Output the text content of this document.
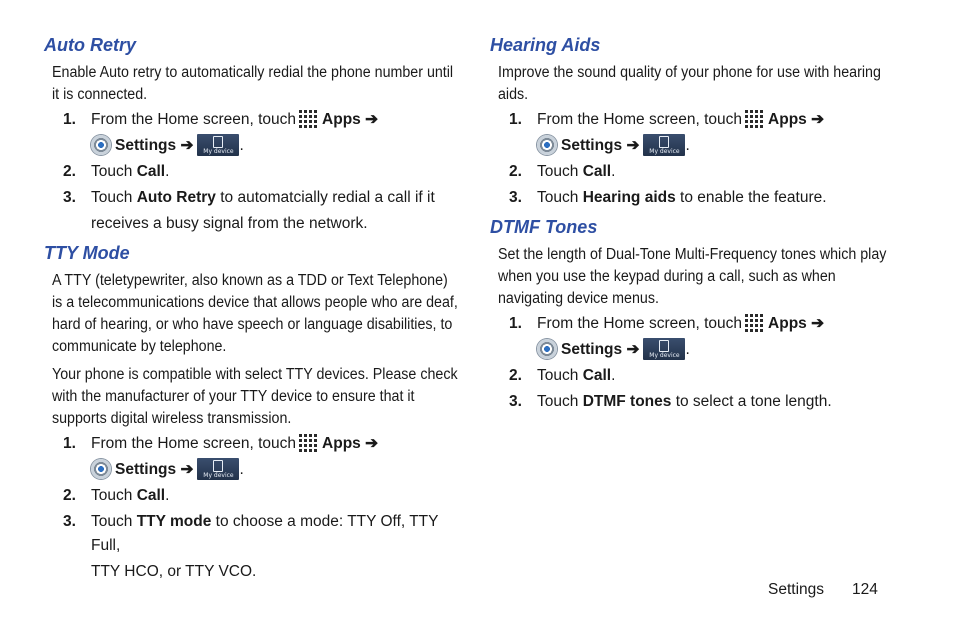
Auto Retry

Enable Auto retry to automatically redial the phone number until it is connected.

1. From the Home screen, touch Apps ➔
Settings ➔	My device .
2. Touch Call.
3. Touch Auto Retry to automatcially redial a call if it
receives a busy signal from the network.
TTY Mode

A TTY (teletypewriter, also known as a TDD or Text Telephone) is a telecommunications device that allows people who are deaf, hard of hearing, or who have speech or language disabilities, to communicate by telephone.

Your phone is compatible with select TTY devices. Please check with the manufacturer of your TTY device to ensure that it supports digital wireless transmission.

1. From the Home screen, touch Apps ➔
Settings ➔	My device .
2. Touch Call.
3. Touch TTY mode to choose a mode: TTY Off, TTY Full,
TTY HCO, or TTY VCO.
Hearing Aids

Improve the sound quality of your phone for use with hearing aids.

1. From the Home screen, touch Apps ➔
Settings ➔	My device .
2. Touch Call.
3. Touch Hearing aids to enable the feature.
DTMF Tones

Set the length of Dual-Tone Multi-Frequency tones which play when you use the keypad during a call, such as when navigating device menus.

1. From the Home screen, touch Apps ➔
Settings ➔	My device .
2. Touch Call.
3. Touch DTMF tones to select a tone length.
Settings 124
